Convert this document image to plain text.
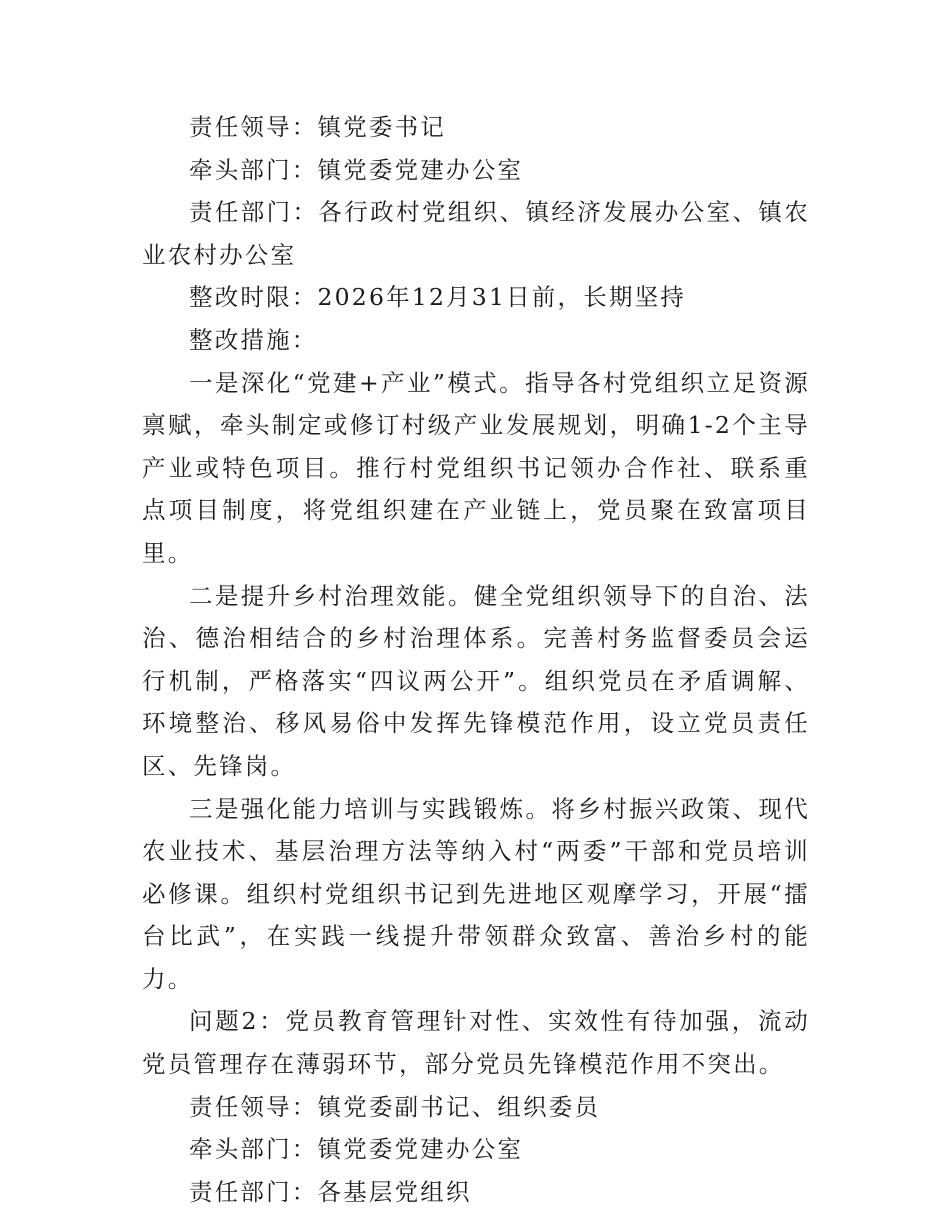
责任领导：镇党委书记

牵头部门：镇党委党建办公室

责任部门：各行政村党组织、镇经济发展办公室、镇农业农村办公室

整改时限：2026年12月31日前，长期坚持

整改措施：

一是深化“党建+产业”模式。指导各村党组织立足资源禀赋，牵头制定或修订村级产业发展规划，明确1-2个主导产业或特色项目。推行村党组织书记领办合作社、联系重点项目制度，将党组织建在产业链上，党员聚在致富项目里。

二是提升乡村治理效能。健全党组织领导下的自治、法治、德治相结合的乡村治理体系。完善村务监督委员会运行机制，严格落实“四议两公开”。组织党员在矛盾调解、环境整治、移风易俗中发挥先锋模范作用，设立党员责任区、先锋岗。

三是强化能力培训与实践锻炼。将乡村振兴政策、现代农业技术、基层治理方法等纳入村“两委”干部和党员培训必修课。组织村党组织书记到先进地区观摩学习，开展“擂台比武”，在实践一线提升带领群众致富、善治乡村的能力。

问题2：党员教育管理针对性、实效性有待加强，流动党员管理存在薄弱环节，部分党员先锋模范作用不突出。

责任领导：镇党委副书记、组织委员

牵头部门：镇党委党建办公室

责任部门：各基层党组织
